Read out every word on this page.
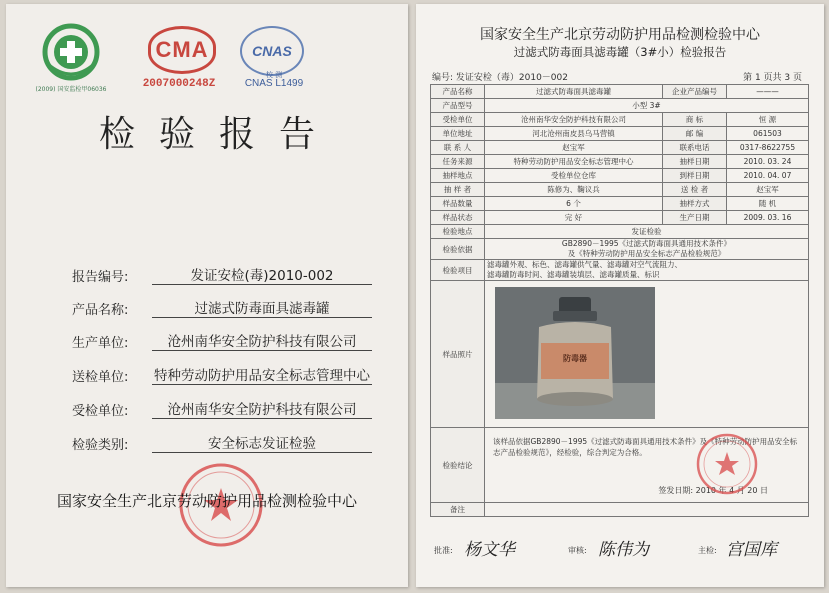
(2009) 国安监检甲06036
CMA
2007000248Z
CNAS
校 测
CNAS L1499
检验报告
报告编号:	发证安检(毒)2010-002
产品名称:	过滤式防毒面具滤毒罐
生产单位:	沧州南华安全防护科技有限公司
送检单位: 特种劳动防护用品安全标志管理中心
受检单位:	沧州南华安全防护科技有限公司
检验类别:	安全标志发证检验
国家安全生产北京劳动防护用品检测检验中心
国家安全生产北京劳动防护用品检测检验中心
过滤式防毒面具滤毒罐（3#小）检验报告
编号: 发证安检（毒）2010－002	第 1 页共 3 页
产品名称	过滤式防毒面具滤毒罐	企业产品编号	———
产品型号	小型 3#		
受检单位	沧州南华安全防护科技有限公司	商 标	恒 源
单位地址	河北沧州南皮县乌马营镇	邮 编	061503
联 系 人	赵宝军	联系电话	0317-8622755
任务来源	特种劳动防护用品安全标志管理中心	抽样日期	2010. 03. 24
抽样地点	受检单位仓库	到样日期	2010. 04. 07
抽 样 者	陈修为、鞠议兵	送 检 者	赵宝军
样品数量	6 个	抽样方式	随 机
样品状态	完 好	生产日期	2009. 03. 16
检验地点	发证检验		
检验依据	GB2890－1995《过滤式防毒面具通用技术条件》
及《特种劳动防护用品安全标志产品检验规范》		

检验项目	滤毒罐外观、标色、滤毒罐供气量、滤毒罐对空气流阻力、
滤毒罐防毒时间、滤毒罐装填层、滤毒罐质量、标识		

样品照片	防毒器		

检验结论	该样品依据GB2890－1995《过滤式防毒面具通用技术条件》及《特种劳动防护用品安全标志产品检验规范》，经检验，综合判定为合格。
签发日期: 2010 年 4 月 20 日		

备注			
批准: 杨文华	审核: 陈伟为	主检: 宫国库
